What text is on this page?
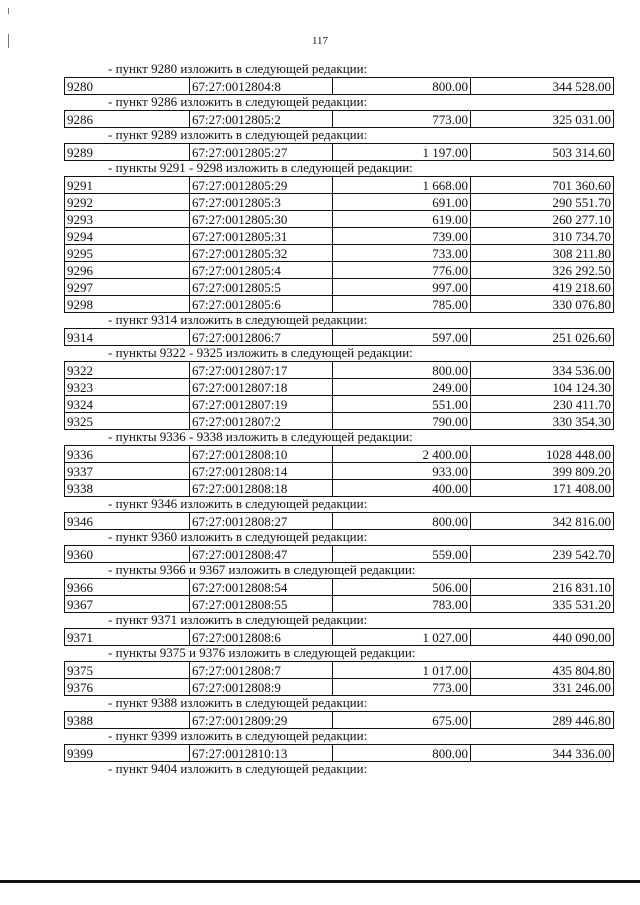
117
- пункт 9280 изложить в следующей редакции:
9280	67:27:0012804:8	800.00	344 528.00
- пункт 9286 изложить в следующей редакции:
9286	67:27:0012805:2	773.00	325 031.00
- пункт 9289 изложить в следующей редакции:
9289	67:27:0012805:27	1 197.00	503 314.60
- пункты 9291 - 9298 изложить в следующей редакции:
9291	67:27:0012805:29	1 668.00	701 360.60
9292	67:27:0012805:3	691.00	290 551.70
9293	67:27:0012805:30	619.00	260 277.10
9294	67:27:0012805:31	739.00	310 734.70
9295	67:27:0012805:32	733.00	308 211.80
9296	67:27:0012805:4	776.00	326 292.50
9297	67:27:0012805:5	997.00	419 218.60
9298	67:27:0012805:6	785.00	330 076.80
- пункт 9314 изложить в следующей редакции:
9314	67:27:0012806:7	597.00	251 026.60
- пункты 9322 - 9325 изложить в следующей редакции:
9322	67:27:0012807:17	800.00	334 536.00
9323	67:27:0012807:18	249.00	104 124.30
9324	67:27:0012807:19	551.00	230 411.70
9325	67:27:0012807:2	790.00	330 354.30
- пункты 9336 - 9338 изложить в следующей редакции:
9336	67:27:0012808:10	2 400.00	1028 448.00
9337	67:27:0012808:14	933.00	399 809.20
9338	67:27:0012808:18	400.00	171 408.00
- пункт 9346 изложить в следующей редакции:
9346	67:27:0012808:27	800.00	342 816.00
- пункт 9360 изложить в следующей редакции:
9360	67:27:0012808:47	559.00	239 542.70
- пункты 9366 и 9367 изложить в следующей редакции:
9366	67:27:0012808:54	506.00	216 831.10
9367	67:27:0012808:55	783.00	335 531.20
- пункт 9371 изложить в следующей редакции:
9371	67:27:0012808:6	1 027.00	440 090.00
- пункты 9375 и 9376 изложить в следующей редакции:
9375	67:27:0012808:7	1 017.00	435 804.80
9376	67:27:0012808:9	773.00	331 246.00
- пункт 9388 изложить в следующей редакции:
9388	67:27:0012809:29	675.00	289 446.80
- пункт 9399 изложить в следующей редакции:
9399	67:27:0012810:13	800.00	344 336.00
- пункт 9404 изложить в следующей редакции:
